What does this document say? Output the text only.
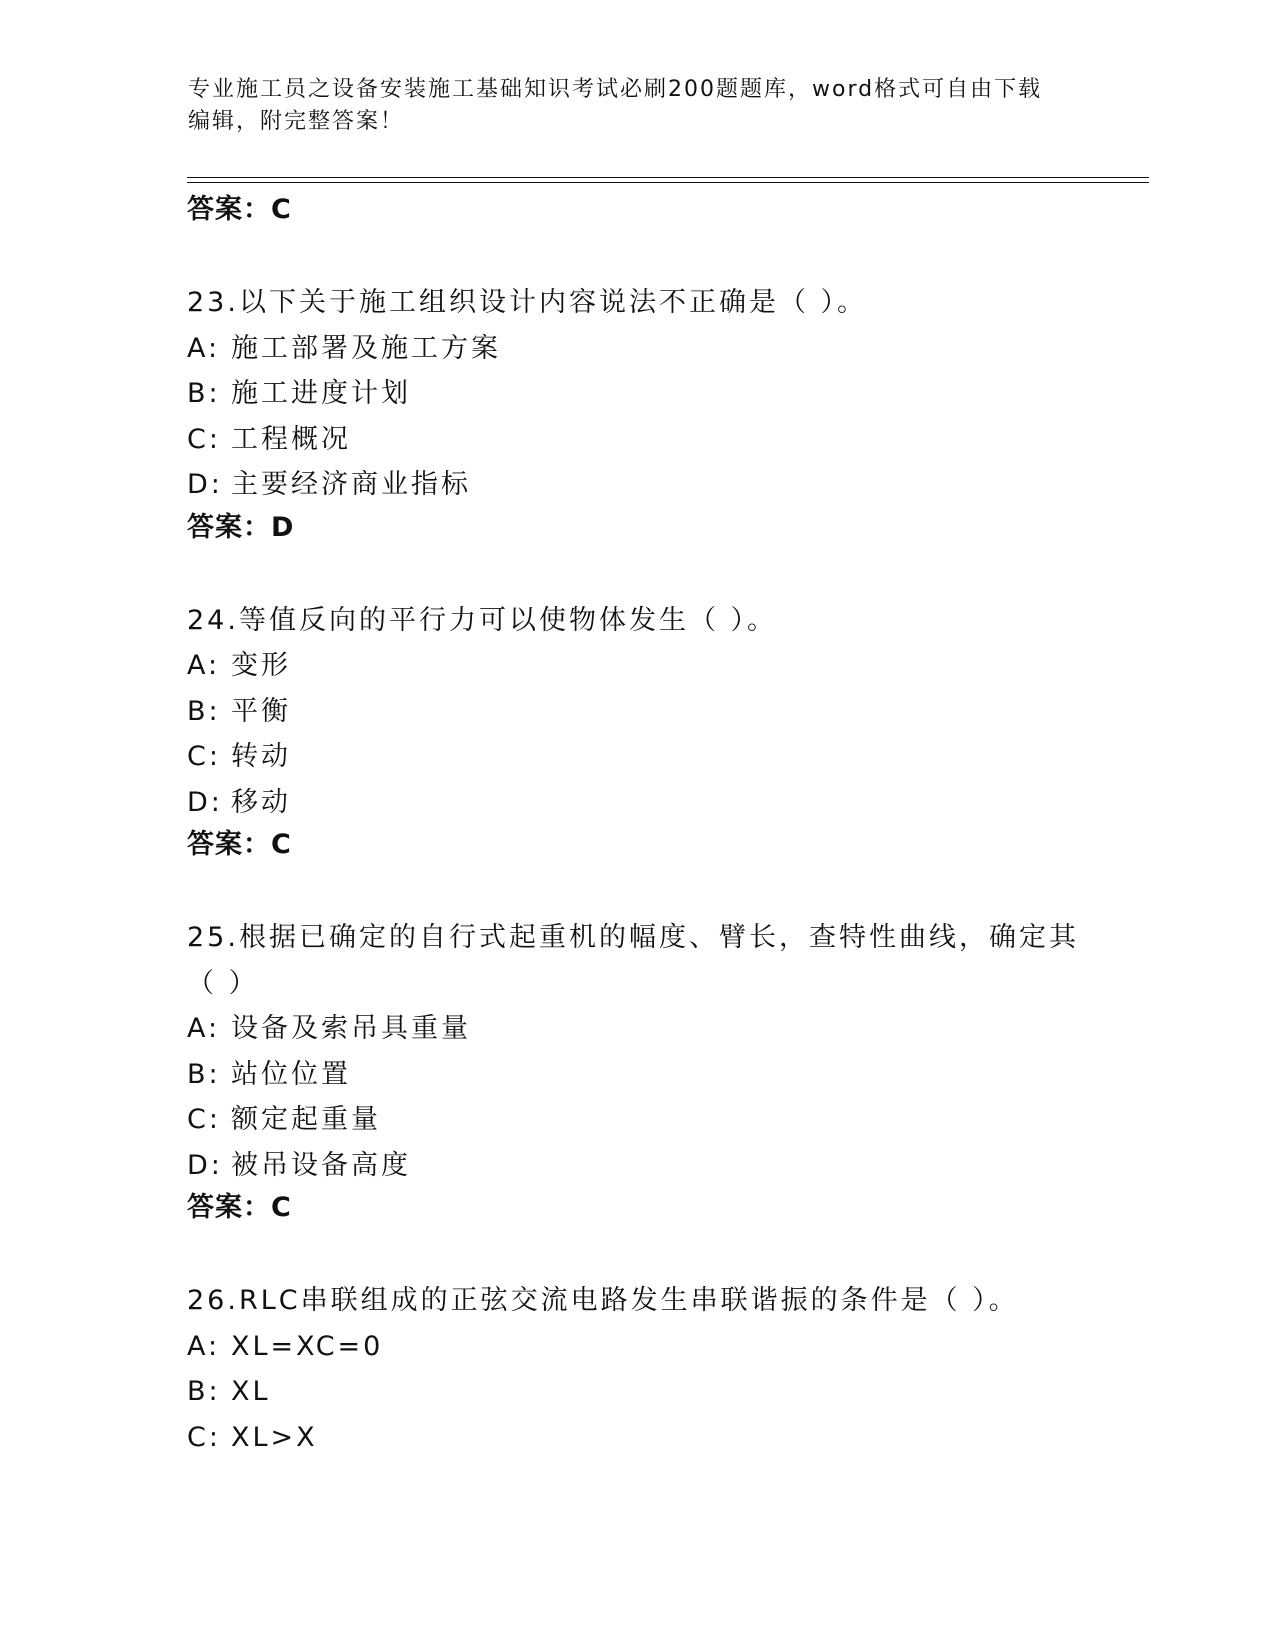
专业施工员之设备安装施工基础知识考试必刷200题题库，word格式可自由下载
编辑，附完整答案！
答案：C
23.以下关于施工组织设计内容说法不正确是（ ）。
A: 施工部署及施工方案
B: 施工进度计划
C: 工程概况
D: 主要经济商业指标
答案：D
24.等值反向的平行力可以使物体发生（ ）。
A: 变形
B: 平衡
C: 转动
D: 移动
答案：C
25.根据已确定的自行式起重机的幅度、臂长，查特性曲线，确定其（ ）
A: 设备及索吊具重量
B: 站位位置
C: 额定起重量
D: 被吊设备高度
答案：C
26.RLC串联组成的正弦交流电路发生串联谐振的条件是（ ）。
A: XL=XC=0
B: XL
C: XL>X
